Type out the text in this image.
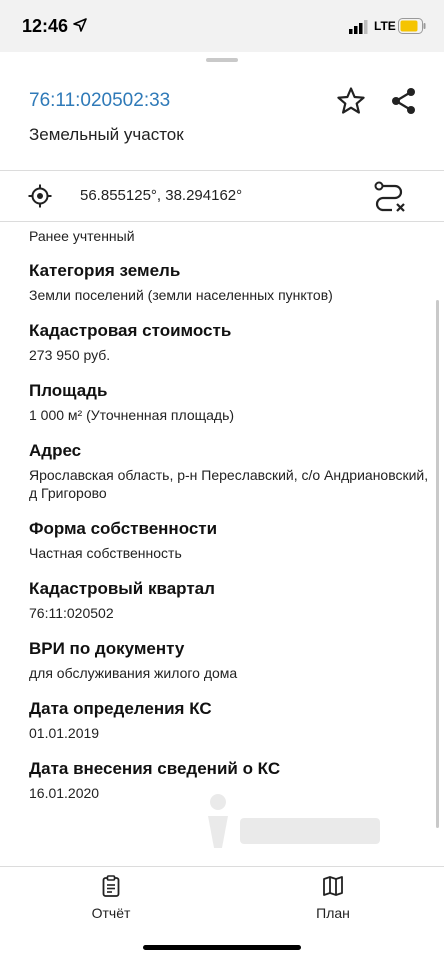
12:46	LTE
76:11:020502:33
Земельный участок
56.855125°, 38.294162°
Ранее учтенный
Категория земель
Земли поселений (земли населенных пунктов)
Кадастровая стоимость
273 950 руб.
Площадь
1 000 м² (Уточненная площадь)
Адрес
Ярославская область, р-н Переславский, с/о Андриановский, д Григорово
Форма собственности
Частная собственность
Кадастровый квартал
76:11:020502
ВРИ по документу
для обслуживания жилого дома
Дата определения КС
01.01.2019
Дата внесения сведений о КС
16.01.2020
Отчёт	План
